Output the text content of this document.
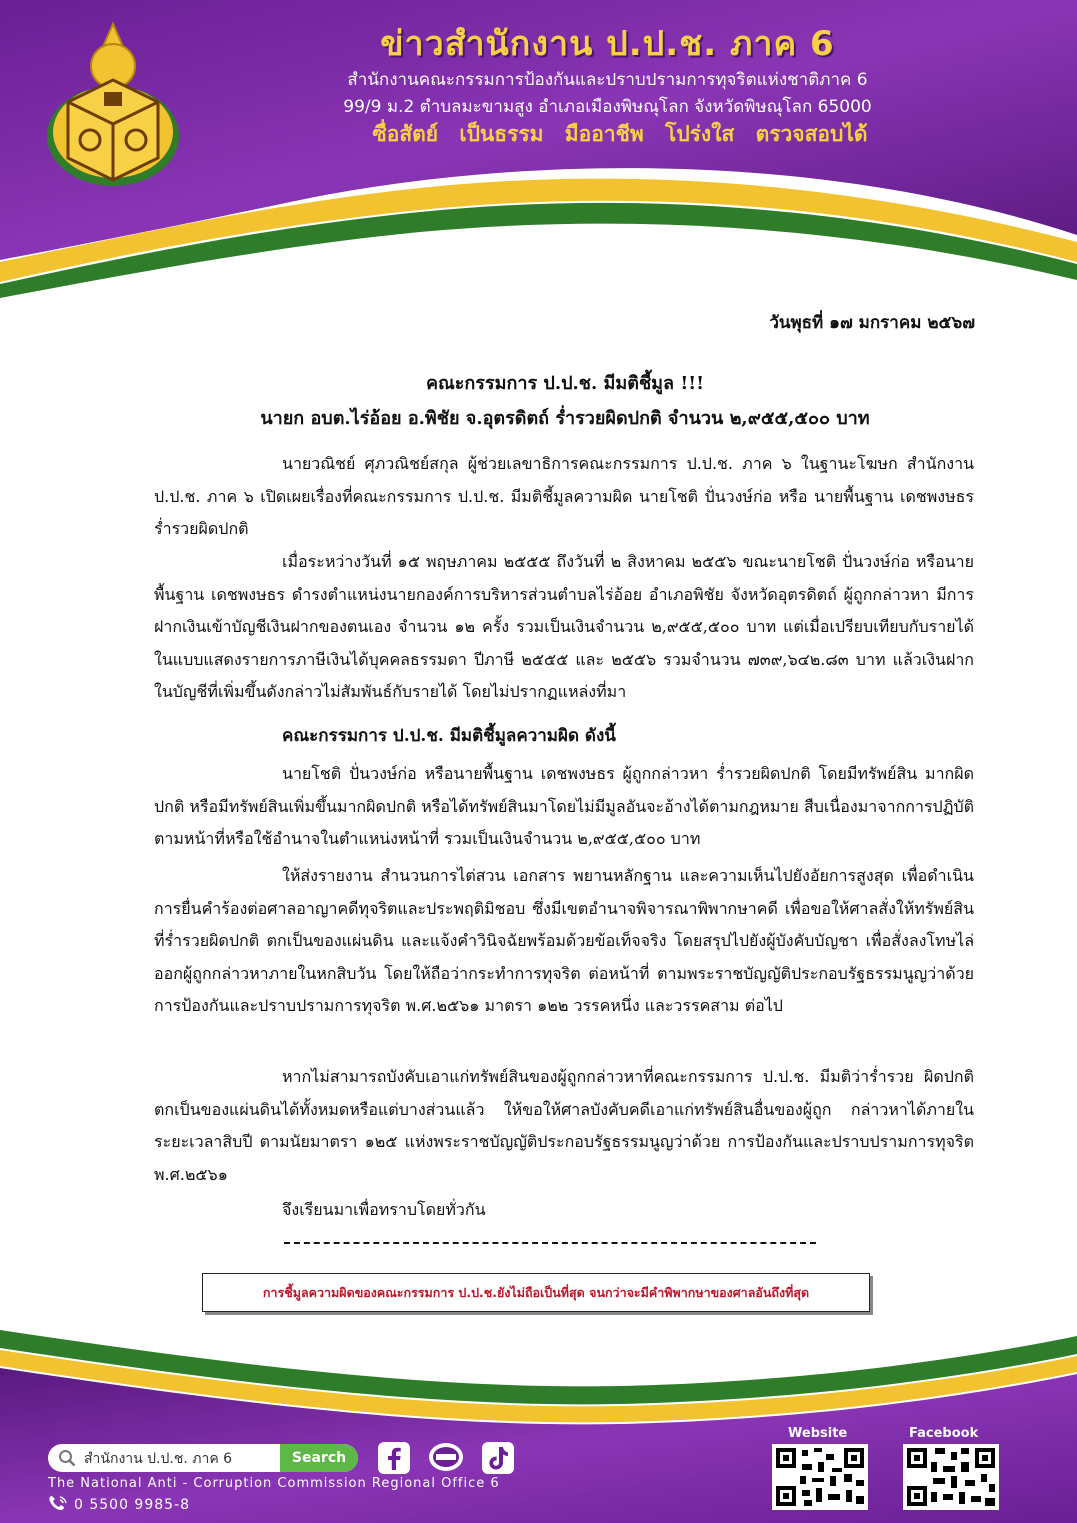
ข่าวสำนักงาน ป.ป.ช. ภาค 6
สำนักงานคณะกรรมการป้องกันและปราบปรามการทุจริตแห่งชาติภาค 6
99/9 ม.2 ตำบลมะขามสูง อำเภอเมืองพิษณุโลก จังหวัดพิษณุโลก 65000
ซื่อสัตย์ เป็นธรรม มืออาชีพ โปร่งใส ตรวจสอบได้
วันพุธที่ ๑๗ มกราคม ๒๕๖๗
คณะกรรมการ ป.ป.ช. มีมติชี้มูล !!!
นายก อบต.ไร่อ้อย อ.พิชัย จ.อุตรดิตถ์ ร่ำรวยผิดปกติ จำนวน ๒,๙๕๕,๕๐๐ บาท

นายวณิชย์ ศุภวณิชย์สกุล ผู้ช่วยเลขาธิการคณะกรรมการ ป.ป.ช. ภาค ๖ ในฐานะโฆษก สำนักงาน ป.ป.ช. ภาค ๖ เปิดเผยเรื่องที่คณะกรรมการ ป.ป.ช. มีมติชี้มูลความผิด นายโชติ ปั่นวงษ์ก่อ หรือ นายพื้นฐาน เดชพงษธร ร่ำรวยผิดปกติ

เมื่อระหว่างวันที่ ๑๕ พฤษภาคม ๒๕๕๕ ถึงวันที่ ๒ สิงหาคม ๒๕๕๖ ขณะนายโชติ ปั่นวงษ์ก่อ หรือนายพื้นฐาน เดชพงษธร ดำรงตำแหน่งนายกองค์การบริหารส่วนตำบลไร่อ้อย อำเภอพิชัย จังหวัดอุตรดิตถ์ ผู้ถูกกล่าวหา มีการฝากเงินเข้าบัญชีเงินฝากของตนเอง จำนวน ๑๒ ครั้ง รวมเป็นเงินจำนวน ๒,๙๕๕,๕๐๐ บาท แต่เมื่อเปรียบเทียบกับรายได้ในแบบแสดงรายการภาษีเงินได้บุคคลธรรมดา ปีภาษี ๒๕๕๕ และ ๒๕๕๖ รวมจำนวน ๗๓๙,๖๔๒.๘๓ บาท แล้วเงินฝากในบัญชีที่เพิ่มขึ้นดังกล่าวไม่สัมพันธ์กับรายได้ โดยไม่ปรากฏแหล่งที่มา

คณะกรรมการ ป.ป.ช. มีมติชี้มูลความผิด ดังนี้

นายโชติ ปั่นวงษ์ก่อ หรือนายพื้นฐาน เดชพงษธร ผู้ถูกกล่าวหา ร่ำรวยผิดปกติ โดยมีทรัพย์สิน มากผิดปกติ หรือมีทรัพย์สินเพิ่มขึ้นมากผิดปกติ หรือได้ทรัพย์สินมาโดยไม่มีมูลอันจะอ้างได้ตามกฎหมาย สืบเนื่องมาจากการปฏิบัติตามหน้าที่หรือใช้อำนาจในตำแหน่งหน้าที่ รวมเป็นเงินจำนวน ๒,๙๕๕,๕๐๐ บาท

ให้ส่งรายงาน สำนวนการไต่สวน เอกสาร พยานหลักฐาน และความเห็นไปยังอัยการสูงสุด เพื่อดำเนินการยื่นคำร้องต่อศาลอาญาคดีทุจริตและประพฤติมิชอบ ซึ่งมีเขตอำนาจพิจารณาพิพากษาคดี เพื่อขอให้ศาลสั่งให้ทรัพย์สินที่ร่ำรวยผิดปกติ ตกเป็นของแผ่นดิน และแจ้งคำวินิจฉัยพร้อมด้วยข้อเท็จจริง โดยสรุปไปยังผู้บังคับบัญชา เพื่อสั่งลงโทษไล่ออกผู้ถูกกล่าวหาภายในหกสิบวัน โดยให้ถือว่ากระทำการทุจริต ต่อหน้าที่ ตามพระราชบัญญัติประกอบรัฐธรรมนูญว่าด้วยการป้องกันและปราบปรามการทุจริต พ.ศ.๒๕๖๑ มาตรา ๑๒๒ วรรคหนึ่ง และวรรคสาม ต่อไป

หากไม่สามารถบังคับเอาแก่ทรัพย์สินของผู้ถูกกล่าวหาที่คณะกรรมการ ป.ป.ช. มีมติว่าร่ำรวย ผิดปกติตกเป็นของแผ่นดินได้ทั้งหมดหรือแต่บางส่วนแล้ว ให้ขอให้ศาลบังคับคดีเอาแก่ทรัพย์สินอื่นของผู้ถูก กล่าวหาได้ภายในระยะเวลาสิบปี ตามนัยมาตรา ๑๒๕ แห่งพระราชบัญญัติประกอบรัฐธรรมนูญว่าด้วย การป้องกันและปราบปรามการทุจริต พ.ศ.๒๕๖๑

จึงเรียนมาเพื่อทราบโดยทั่วกัน
การชี้มูลความผิดของคณะกรรมการ ป.ป.ช.ยังไม่ถือเป็นที่สุด จนกว่าจะมีคำพิพากษาของศาลอันถึงที่สุด
สำนักงาน ป.ป.ช. ภาค 6	Search
The National Anti - Corruption Commission Regional Office 6
0 5500 9985-8
Website	Facebook
